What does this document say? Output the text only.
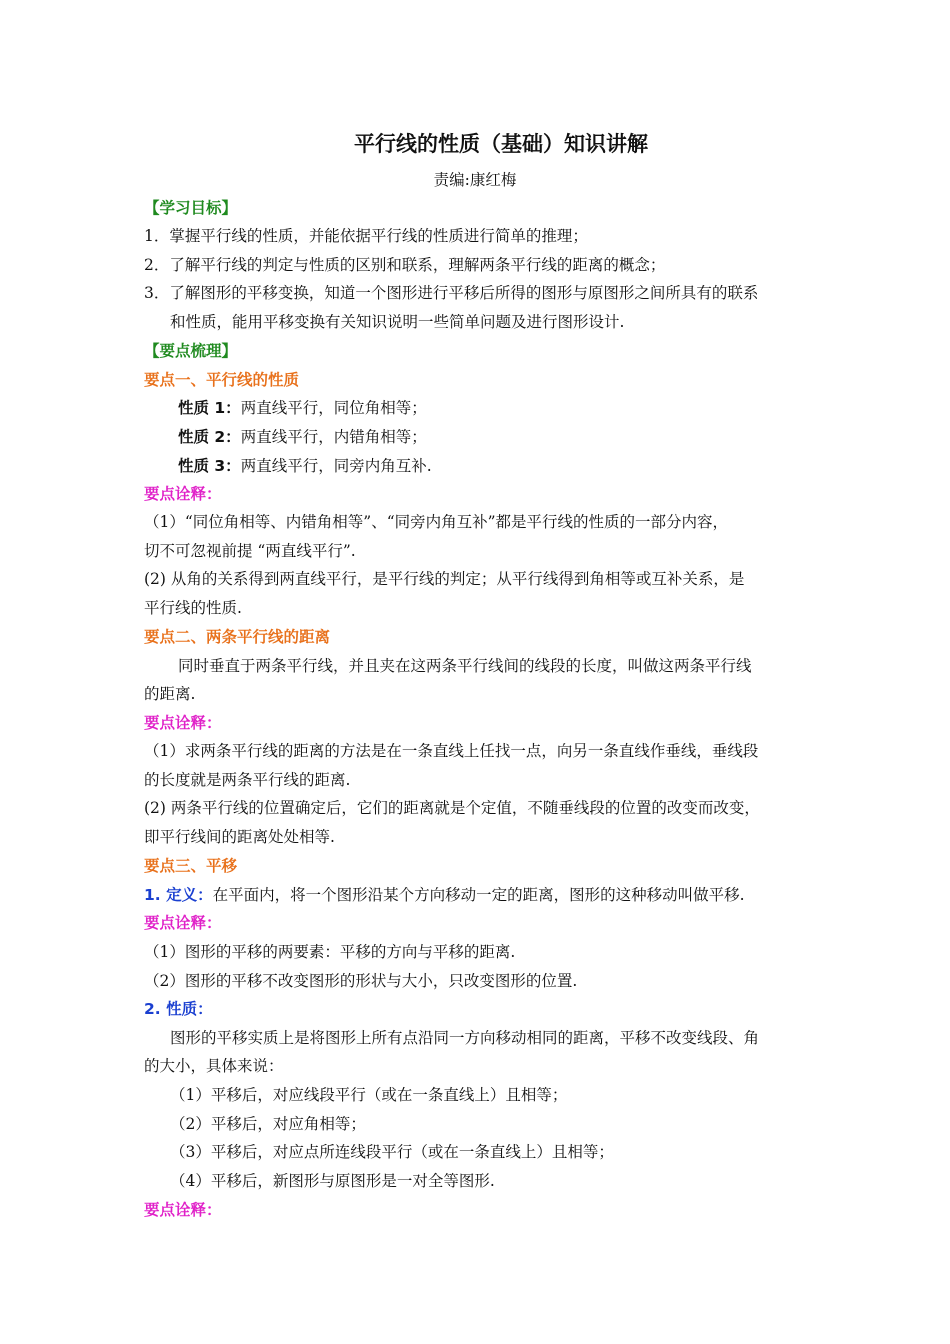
平行线的性质（基础）知识讲解
责编:康红梅
【学习目标】
1．掌握平行线的性质，并能依据平行线的性质进行简单的推理；
2．了解平行线的判定与性质的区别和联系，理解两条平行线的距离的概念；
3．了解图形的平移变换，知道一个图形进行平移后所得的图形与原图形之间所具有的联系
和性质，能用平移变换有关知识说明一些简单问题及进行图形设计.
【要点梳理】
要点一、平行线的性质
性质 1：两直线平行，同位角相等；
性质 2：两直线平行，内错角相等；
性质 3：两直线平行，同旁内角互补.
要点诠释：
（1）“同位角相等、内错角相等”、“同旁内角互补”都是平行线的性质的一部分内容，
切不可忽视前提 “两直线平行”.
(2) 从角的关系得到两直线平行，是平行线的判定；从平行线得到角相等或互补关系，是
平行线的性质.
要点二、两条平行线的距离
同时垂直于两条平行线，并且夹在这两条平行线间的线段的长度，叫做这两条平行线
的距离.
要点诠释：
（1）求两条平行线的距离的方法是在一条直线上任找一点，向另一条直线作垂线，垂线段
的长度就是两条平行线的距离.
(2) 两条平行线的位置确定后，它们的距离就是个定值，不随垂线段的位置的改变而改变，
即平行线间的距离处处相等.
要点三、平移
1. 定义：在平面内，将一个图形沿某个方向移动一定的距离，图形的这种移动叫做平移.
要点诠释：
（1）图形的平移的两要素：平移的方向与平移的距离.
（2）图形的平移不改变图形的形状与大小，只改变图形的位置.
2. 性质：
图形的平移实质上是将图形上所有点沿同一方向移动相同的距离，平移不改变线段、角
的大小，具体来说：
（1）平移后，对应线段平行（或在一条直线上）且相等；
（2）平移后，对应角相等；
（3）平移后，对应点所连线段平行（或在一条直线上）且相等；
（4）平移后，新图形与原图形是一对全等图形.
要点诠释：
